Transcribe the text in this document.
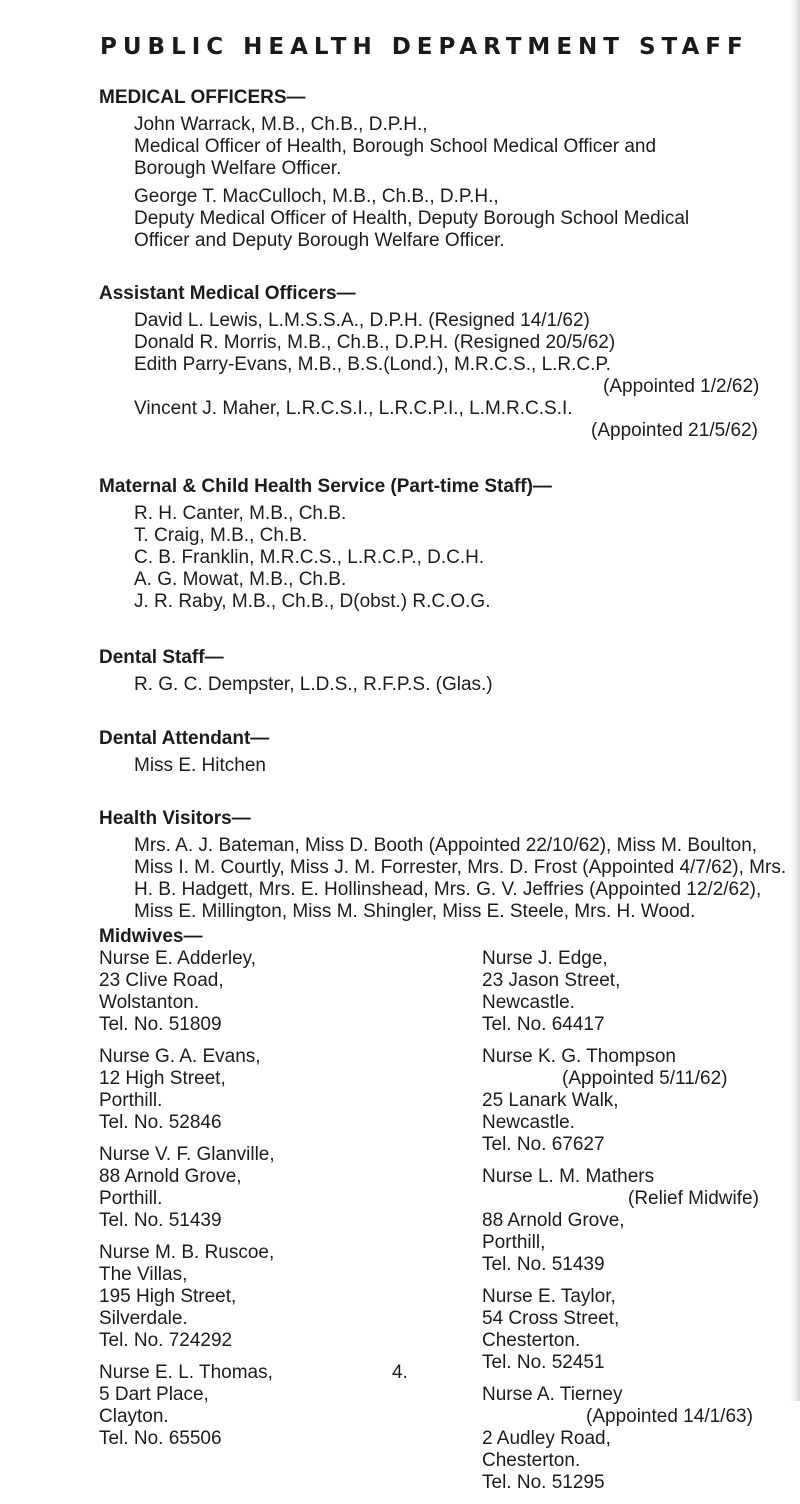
PUBLIC HEALTH DEPARTMENT STAFF
MEDICAL OFFICERS—
John Warrack, M.B., Ch.B., D.P.H.,
Medical Officer of Health, Borough School Medical Officer and
Borough Welfare Officer.
George T. MacCulloch, M.B., Ch.B., D.P.H.,
Deputy Medical Officer of Health, Deputy Borough School Medical
Officer and Deputy Borough Welfare Officer.
Assistant Medical Officers—
David L. Lewis, L.M.S.S.A., D.P.H. (Resigned 14/1/62)
Donald R. Morris, M.B., Ch.B., D.P.H. (Resigned 20/5/62)
Edith Parry-Evans, M.B., B.S.(Lond.), M.R.C.S., L.R.C.P.
(Appointed 1/2/62)
Vincent J. Maher, L.R.C.S.I., L.R.C.P.I., L.M.R.C.S.I.
(Appointed 21/5/62)
Maternal & Child Health Service (Part-time Staff)—
R. H. Canter, M.B., Ch.B.
T. Craig, M.B., Ch.B.
C. B. Franklin, M.R.C.S., L.R.C.P., D.C.H.
A. G. Mowat, M.B., Ch.B.
J. R. Raby, M.B., Ch.B., D(obst.) R.C.O.G.
Dental Staff—
R. G. C. Dempster, L.D.S., R.F.P.S. (Glas.)
Dental Attendant—
Miss E. Hitchen
Health Visitors—
Mrs. A. J. Bateman, Miss D. Booth (Appointed 22/10/62), Miss M. Boulton, Miss I. M. Courtly, Miss J. M. Forrester, Mrs. D. Frost (Appointed 4/7/62), Mrs. H. B. Hadgett, Mrs. E. Hollinshead, Mrs. G. V. Jeffries (Appointed 12/2/62), Miss E. Millington, Miss M. Shingler, Miss E. Steele, Mrs. H. Wood.
Midwives—
Nurse E. Adderley,
23 Clive Road,
Wolstanton.
Tel. No. 51809
Nurse G. A. Evans,
12 High Street,
Porthill.
Tel. No. 52846
Nurse V. F. Glanville,
88 Arnold Grove,
Porthill.
Tel. No. 51439
Nurse M. B. Ruscoe,
The Villas,
195 High Street,
Silverdale.
Tel. No. 724292
Nurse E. L. Thomas,
5 Dart Place,
Clayton.
Tel. No. 65506
Nurse J. Edge,
23 Jason Street,
Newcastle.
Tel. No. 64417
Nurse K. G. Thompson
(Appointed 5/11/62)
25 Lanark Walk,
Newcastle.
Tel. No. 67627
Nurse L. M. Mathers
(Relief Midwife)
88 Arnold Grove,
Porthill,
Tel. No. 51439
Nurse E. Taylor,
54 Cross Street,
Chesterton.
Tel. No. 52451
Nurse A. Tierney
(Appointed 14/1/63)
2 Audley Road,
Chesterton.
Tel. No. 51295
4.
